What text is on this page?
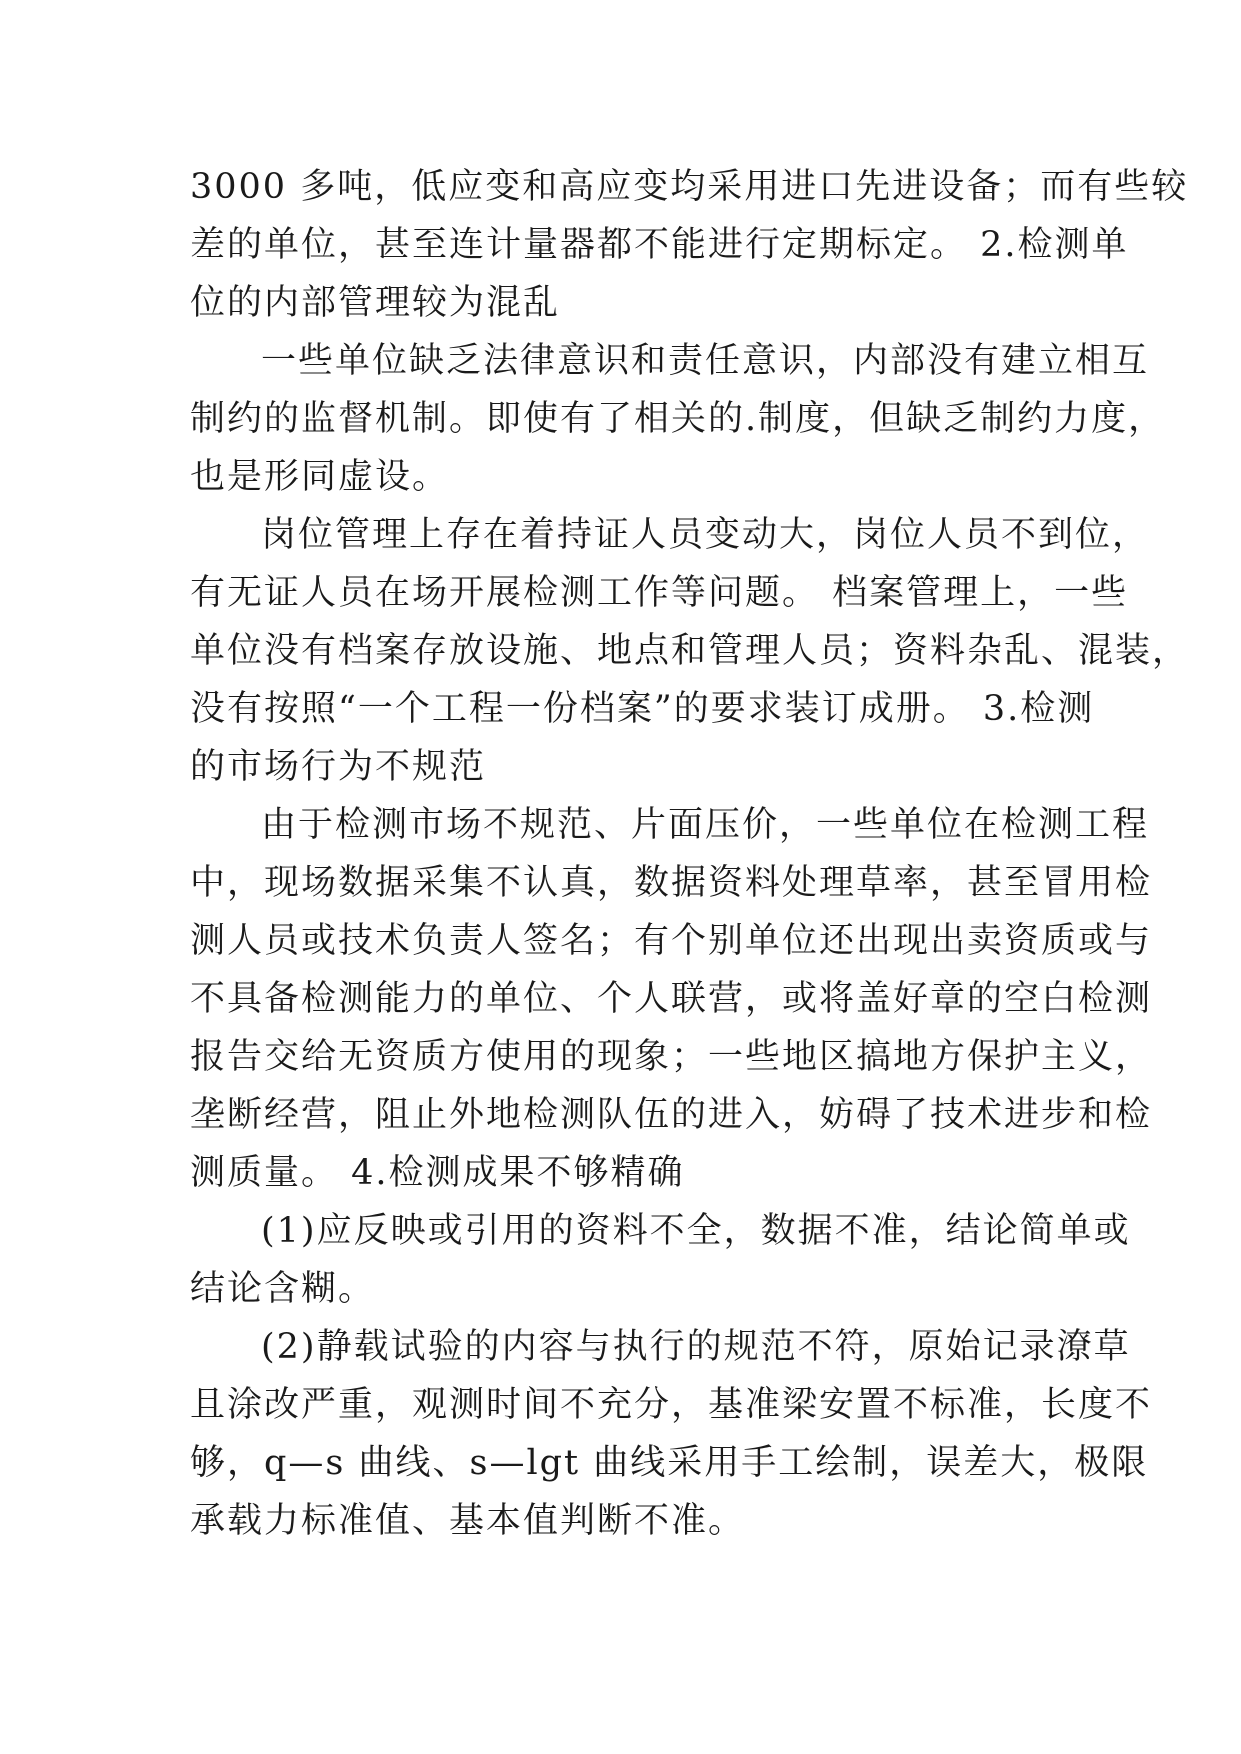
3000 多吨，低应变和高应变均采用进口先进设备；而有些较
差的单位，甚至连计量器都不能进行定期标定。 2.检测单
位的内部管理较为混乱

一些单位缺乏法律意识和责任意识，内部没有建立相互
制约的监督机制。即使有了相关的.制度，但缺乏制约力度，
也是形同虚设。

岗位管理上存在着持证人员变动大，岗位人员不到位，
有无证人员在场开展检测工作等问题。 档案管理上，一些
单位没有档案存放设施、地点和管理人员；资料杂乱、混装，
没有按照“一个工程一份档案”的要求装订成册。 3.检测
的市场行为不规范

由于检测市场不规范、片面压价，一些单位在检测工程
中，现场数据采集不认真，数据资料处理草率，甚至冒用检
测人员或技术负责人签名；有个别单位还出现出卖资质或与
不具备检测能力的单位、个人联营，或将盖好章的空白检测
报告交给无资质方使用的现象；一些地区搞地方保护主义，
垄断经营，阻止外地检测队伍的进入，妨碍了技术进步和检
测质量。 4.检测成果不够精确

(1)应反映或引用的资料不全，数据不准，结论简单或
结论含糊。

(2)静载试验的内容与执行的规范不符，原始记录潦草
且涂改严重，观测时间不充分，基准梁安置不标准，长度不
够，q—s 曲线、s—lgt 曲线采用手工绘制，误差大，极限
承载力标准值、基本值判断不准。
